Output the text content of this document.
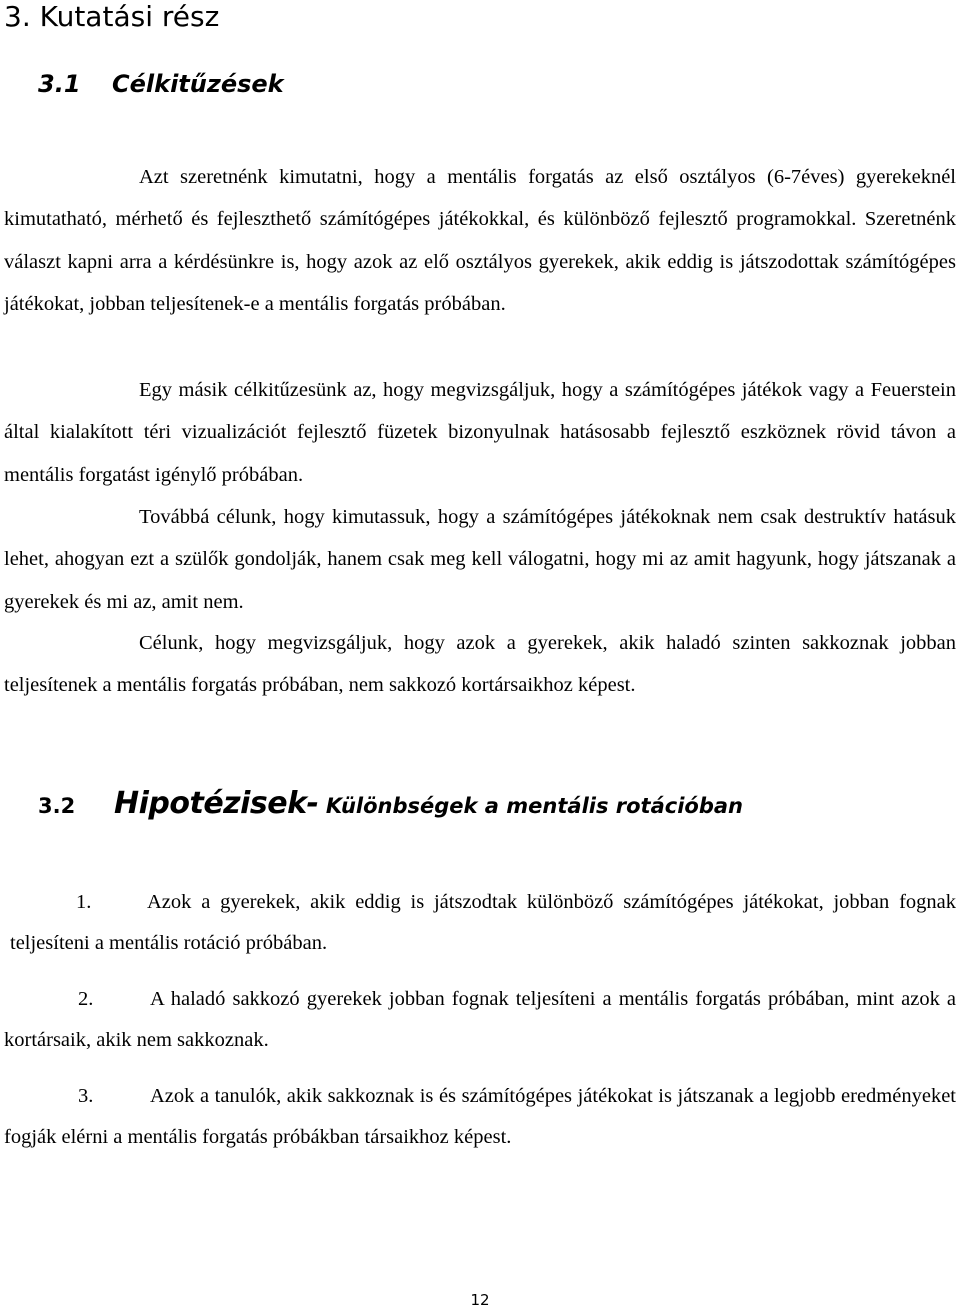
3. Kutatási rész
3.1 Célkitűzések

Azt szeretnénk kimutatni, hogy a mentális forgatás az első osztályos (6-7éves) gyerekeknél kimutatható, mérhető és fejleszthető számítógépes játékokkal, és különböző fejlesztő programokkal. Szeretnénk választ kapni arra a kérdésünkre is, hogy azok az elő osztályos gyerekek, akik eddig is játszodottak számítógépes játékokat, jobban teljesítenek-e a mentális forgatás próbában.

Egy másik célkitűzesünk az, hogy megvizsgáljuk, hogy a számítógépes játékok vagy a Feuerstein által kialakított téri vizualizációt fejlesztő füzetek bizonyulnak hatásosabb fejlesztő eszköznek rövid távon a mentális forgatást igénylő próbában.

Továbbá célunk, hogy kimutassuk, hogy a számítógépes játékoknak nem csak destruktív hatásuk lehet, ahogyan ezt a szülők gondolják, hanem csak meg kell válogatni, hogy mi az amit hagyunk, hogy játszanak a gyerekek és mi az, amit nem.

Célunk, hogy megvizsgáljuk, hogy azok a gyerekek, akik haladó szinten sakkoznak jobban teljesítenek a mentális forgatás próbában, nem sakkozó kortársaikhoz képest.

3.2 Hipotézisek- Különbségek a mentális rotációban

1.	Azok a gyerekek, akik eddig is játszodtak különböző számítógépes játékokat, jobban fognak teljesíteni a mentális rotáció próbában.

2.	A haladó sakkozó gyerekek jobban fognak teljesíteni a mentális forgatás próbában, mint azok a kortársaik, akik nem sakkoznak.

3.	Azok a tanulók, akik sakkoznak is és számítógépes játékokat is játszanak a legjobb eredményeket fogják elérni a mentális forgatás próbákban társaikhoz képest.

12
